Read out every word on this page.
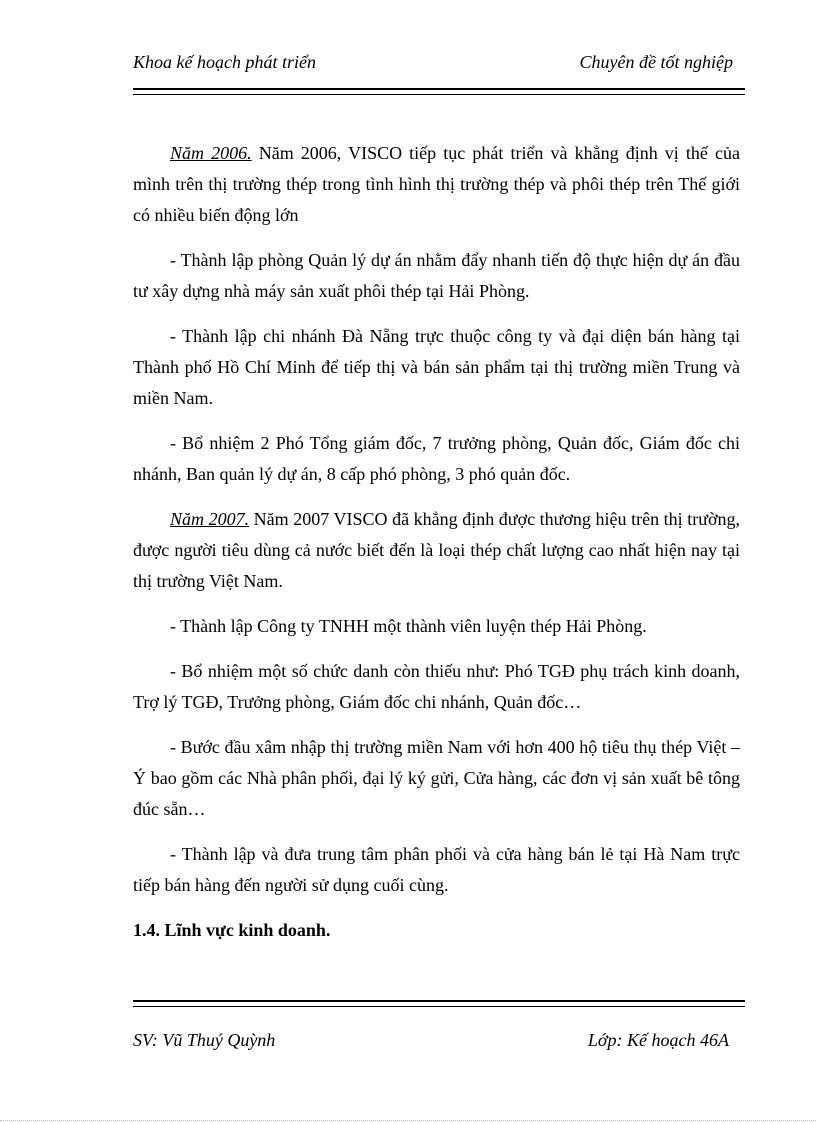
Khoa kế hoạch phát triển	Chuyên đề tốt nghiệp

Năm 2006. Năm 2006, VISCO tiếp tục phát triển và khẳng định vị thế của mình trên thị trường thép trong tình hình thị trường thép và phôi thép trên Thế giới có nhiều biến động lớn

- Thành lập phòng Quản lý dự án nhằm đẩy nhanh tiến độ thực hiện dự án đầu tư xây dựng nhà máy sản xuất phôi thép tại Hải Phòng.

- Thành lập chi nhánh Đà Nẵng trực thuộc công ty và đại diện bán hàng tại Thành phố Hồ Chí Minh để tiếp thị và bán sản phẩm tại thị trường miền Trung và miền Nam.

- Bổ nhiệm 2 Phó Tổng giám đốc, 7 trưởng phòng, Quản đốc, Giám đốc chi nhánh, Ban quản lý dự án, 8 cấp phó phòng, 3 phó quản đốc.

Năm 2007. Năm 2007 VISCO đã khẳng định được thương hiệu trên thị trường, được người tiêu dùng cả nước biết đến là loại thép chất lượng cao nhất hiện nay tại thị trường Việt Nam.

- Thành lập Công ty TNHH một thành viên luyện thép Hải Phòng.

- Bổ nhiệm một số chức danh còn thiếu như: Phó TGĐ phụ trách kinh doanh, Trợ lý TGĐ, Trưởng phòng, Giám đốc chi nhánh, Quản đốc…

- Bước đầu xâm nhập thị trường miền Nam với hơn 400 hộ tiêu thụ thép Việt – Ý bao gồm các Nhà phân phối, đại lý ký gửi, Cửa hàng, các đơn vị sản xuất bê tông đúc sẵn…

- Thành lập và đưa trung tâm phân phối và cửa hàng bán lẻ tại Hà Nam trực tiếp bán hàng đến người sử dụng cuối cùng.

1.4. Lĩnh vực kinh doanh.

SV: Vũ Thuý Quỳnh	Lớp: Kế hoạch 46A
